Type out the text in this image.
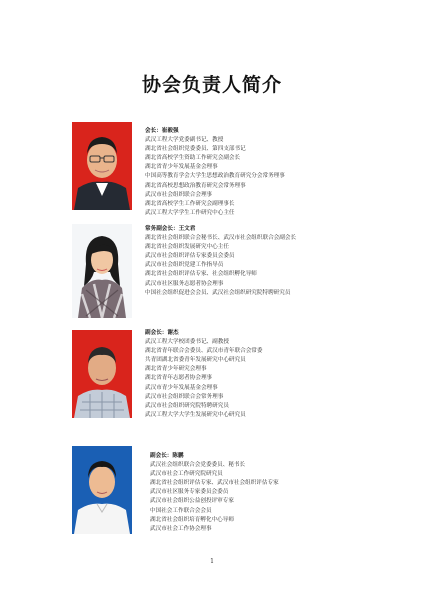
协会负责人简介
会长：崔毅强
武汉工程大学党委副书记、教授
湖北省社会组织党委委员、第四支部书记
湖北省高校学生资助工作研究会副会长
湖北省青少年发展基金会理事
中国高等教育学会大学生思想政治教育研究分会常务理事
湖北省高校思想政治教育研究会常务理事
武汉市社会组织联合会理事
湖北省高校学生工作研究会副理事长
武汉工程大学学生工作研究中心主任
常务副会长：王文君
湖北省社会组织联合会秘书长、武汉市社会组织联合会副会长
湖北省社会组织发展研究中心主任
武汉市社会组织评估专家委员会委员
武汉市社会组织党建工作指导员
湖北省社会组织评估专家、社会组织孵化导师
武汉市社区服务志愿者协会理事
中国社会组织促进会会员、武汉社会组织研究院特聘研究员
副会长：谢杰
武汉工程大学校团委书记、副教授
湖北省青年联合会委员、武汉市青年联合会常委
共青团湖北省委青年发展研究中心研究员
湖北省青少年研究会理事
湖北省青年志愿者协会理事
武汉市青少年发展基金会理事
武汉市社会组织联合会常务理事
武汉市社会组织研究院特聘研究员
武汉工程大学大学生发展研究中心研究员
副会长：陈鹏
武汉社会组织联合会党委委员、秘书长
武汉市社会工作研究院研究员
湖北省社会组织评估专家、武汉市社会组织评估专家
武汉市社区服务专家委员会委员
武汉市社会组织公益创投评审专家
中国社会工作联合会会员
湖北省社会组织培育孵化中心导师
武汉市社会工作协会理事
1
